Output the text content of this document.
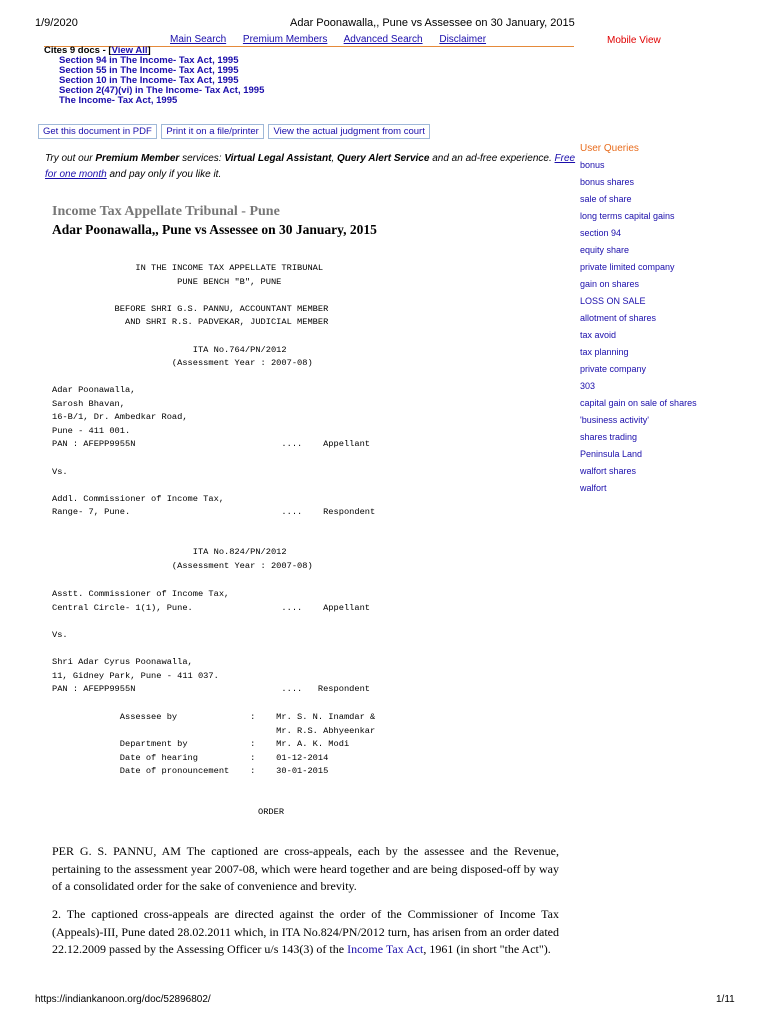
1/9/2020	Adar Poonawalla,, Pune vs Assessee on 30 January, 2015
Main Search Premium Members Advanced Search Disclaimer	Mobile View
Cites 9 docs - [View All]
Section 94 in The Income- Tax Act, 1995
Section 55 in The Income- Tax Act, 1995
Section 10 in The Income- Tax Act, 1995
Section 2(47)(vi) in The Income- Tax Act, 1995
The Income- Tax Act, 1995
Get this document in PDF Print it on a file/printer View the actual judgment from court
Try out our Premium Member services: Virtual Legal Assistant, Query Alert Service and an ad-free experience. Free for one month and pay only if you like it.
Income Tax Appellate Tribunal - Pune
Adar Poonawalla,, Pune vs Assessee on 30 January, 2015
IN THE INCOME TAX APPELLATE TRIBUNAL
PUNE BENCH "B", PUNE

BEFORE SHRI G.S. PANNU, ACCOUNTANT MEMBER
AND SHRI R.S. PADVEKAR, JUDICIAL MEMBER

ITA No.764/PN/2012
(Assessment Year : 2007-08)
Adar Poonawalla,
Sarosh Bhavan,
16-B/1, Dr. Ambedkar Road,
Pune - 411 001.
PAN : AFEPP9955N                            ....    Appellant

Vs.

Addl. Commissioner of Income Tax,
Range- 7, Pune.                             ....    Respondent
ITA No.824/PN/2012
(Assessment Year : 2007-08)
Asstt. Commissioner of Income Tax,
Central Circle- 1(1), Pune.                 ....    Appellant

Vs.

Shri Adar Cyrus Poonawalla,
11, Gidney Park, Pune - 411 037.
PAN : AFEPP9955N                            ....   Respondent
Assessee by              :    Mr. S. N. Inamdar &
Mr. R.S. Abhyeenkar
Department by            :    Mr. A. K. Modi
Date of hearing          :    01-12-2014
Date of pronouncement    :    30-01-2015
ORDER
PER G. S. PANNU, AM The captioned are cross-appeals, each by the assessee and the Revenue, pertaining to the assessment year 2007-08, which were heard together and are being disposed-off by way of a consolidated order for the sake of convenience and brevity.
2. The captioned cross-appeals are directed against the order of the Commissioner of Income Tax (Appeals)-III, Pune dated 28.02.2011 which, in ITA No.824/PN/2012 turn, has arisen from an order dated 22.12.2009 passed by the Assessing Officer u/s 143(3) of the Income Tax Act, 1961 (in short "the Act").
User Queries
bonus
bonus shares
sale of share
long terms capital gains
section 94
equity share
private limited company
gain on shares
LOSS ON SALE
allotment of shares
tax avoid
tax planning
private company
303
capital gain on sale of shares
'business activity'
shares trading
Peninsula Land
walfort shares
walfort
https://indiankanoon.org/doc/52896802/	1/11
